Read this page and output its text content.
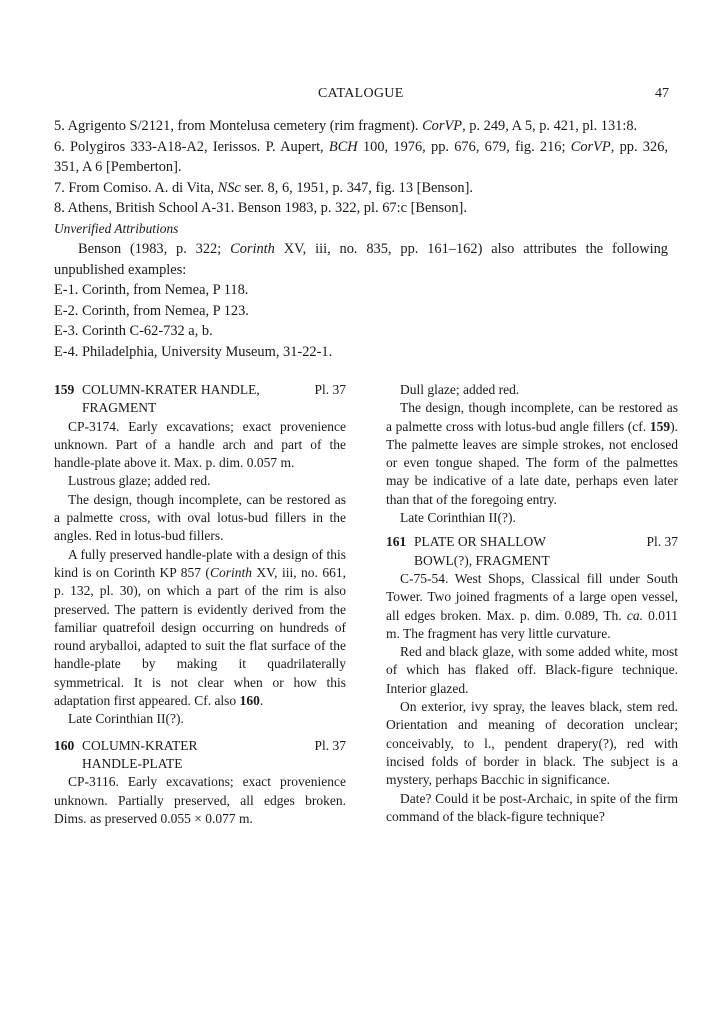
CATALOGUE	47

5. Agrigento S/2121, from Montelusa cemetery (rim fragment). CorVP, p. 249, A 5, p. 421, pl. 131:8.

6. Polygiros 333-A18-A2, Ierissos. P. Aupert, BCH 100, 1976, pp. 676, 679, fig. 216; CorVP, pp. 326, 351, A 6 [Pemberton].

7. From Comiso. A. di Vita, NSc ser. 8, 6, 1951, p. 347, fig. 13 [Benson].

8. Athens, British School A-31. Benson 1983, p. 322, pl. 67:c [Benson].

Unverified Attributions

Benson (1983, p. 322; Corinth XV, iii, no. 835, pp. 161–162) also attributes the following unpublished examples:

E-1. Corinth, from Nemea, P 118.

E-2. Corinth, from Nemea, P 123.

E-3. Corinth C-62-732 a, b.

E-4. Philadelphia, University Museum, 31-22-1.

159 COLUMN-KRATER HANDLE,	Pl. 37
FRAGMENT

CP-3174. Early excavations; exact provenience unknown. Part of a handle arch and part of the handle-plate above it. Max. p. dim. 0.057 m.

Lustrous glaze; added red.

The design, though incomplete, can be restored as a palmette cross, with oval lotus-bud fillers in the angles. Red in lotus-bud fillers.

A fully preserved handle-plate with a design of this kind is on Corinth KP 857 (Corinth XV, iii, no. 661, p. 132, pl. 30), on which a part of the rim is also preserved. The pattern is evidently derived from the familiar quatrefoil design occurring on hundreds of round aryballoi, adapted to suit the flat surface of the handle-plate by making it quadrilaterally symmetrical. It is not clear when or how this adaptation first appeared. Cf. also 160.

Late Corinthian II(?).

160 COLUMN-KRATER	Pl. 37
HANDLE-PLATE

CP-3116. Early excavations; exact provenience unknown. Partially preserved, all edges broken. Dims. as preserved 0.055 × 0.077 m.

Dull glaze; added red.

The design, though incomplete, can be restored as a palmette cross with lotus-bud angle fillers (cf. 159). The palmette leaves are simple strokes, not enclosed or even tongue shaped. The form of the palmettes may be indicative of a late date, perhaps even later than that of the foregoing entry.

Late Corinthian II(?).

161 PLATE OR SHALLOW	Pl. 37
BOWL(?), FRAGMENT

C-75-54. West Shops, Classical fill under South Tower. Two joined fragments of a large open vessel, all edges broken. Max. p. dim. 0.089, Th. ca. 0.011 m. The fragment has very little curvature.

Red and black glaze, with some added white, most of which has flaked off. Black-figure technique. Interior glazed.

On exterior, ivy spray, the leaves black, stem red. Orientation and meaning of decoration unclear; conceivably, to l., pendent drapery(?), red with incised folds of border in black. The subject is a mystery, perhaps Bacchic in significance.

Date? Could it be post-Archaic, in spite of the firm command of the black-figure technique?
